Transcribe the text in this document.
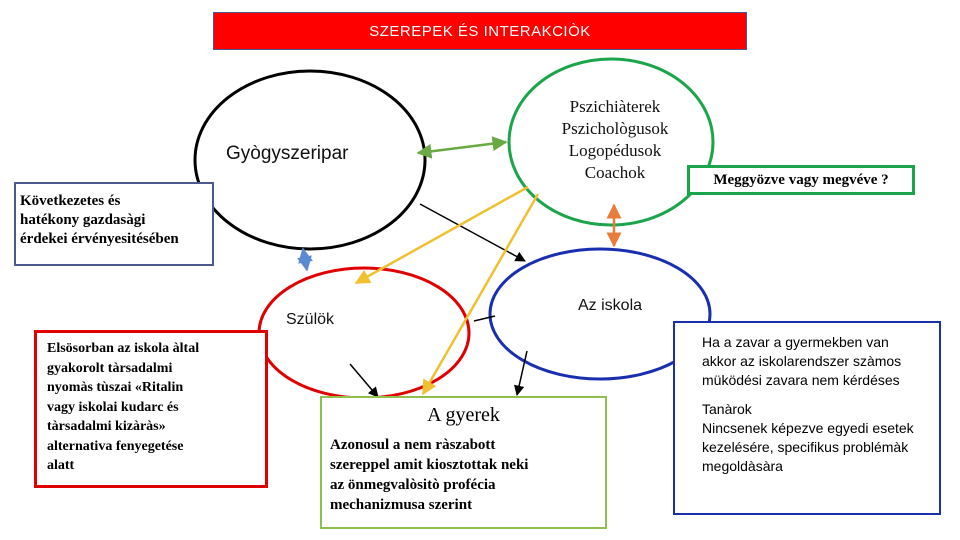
SZEREPEK ÉS INTERAKCIÒK
Gyògyszeripar
Pszichiàterek
Pszichològusok
Logopédusok
Coachok
Szülök
Az iskola
Következetes és
hatékony gazdasàgi
érdekei érvényesitésében
Elsösorban az iskola àltal
gyakorolt tàrsadalmi
nyomàs tùszai «Ritalin
vagy iskolai kudarc és
tàrsadalmi kizàràs»
alternativa fenyegetése
alatt
A gyerek
Azonosul a nem ràszabott
szereppel amit kiosztottak neki
az önmegvalòsitò profécia
mechanizmusa szerint
Meggyözve vagy megvéve ?
Ha a zavar a gyermekben van
akkor az iskolarendszer szàmos
müködési zavara nem kérdéses
Tanàrok
Nincsenek képezve egyedi esetek
kezelésére, specifikus problémàk
megoldàsàra
